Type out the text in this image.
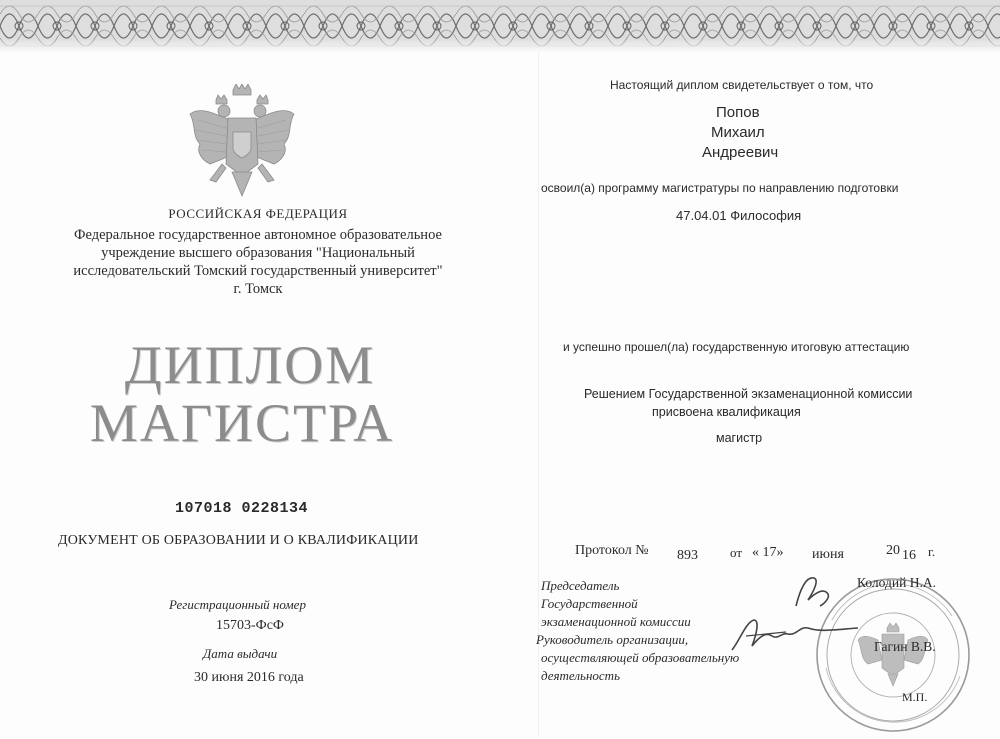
РОССИЙСКАЯ ФЕДЕРАЦИЯ
Федеральное государственное автономное образовательное
учреждение высшего образования "Национальный
исследовательский Томский государственный университет"
г. Томск
ДИПЛОМ
МАГИСТРА
107018 0228134
ДОКУМЕНТ ОБ ОБРАЗОВАНИИ И О КВАЛИФИКАЦИИ
Регистрационный номер
15703-ФсФ
Дата выдачи
30 июня 2016 года
Настоящий диплом свидетельствует о том, что
Попов
Михаил
Андреевич
освоил(а) программу магистратуры по направлению подготовки
47.04.01 Философия
и успешно прошел(ла) государственную итоговую аттестацию
Решением Государственной экзаменационной комиссии
присвоена квалификация
магистр
Протокол № 893 от « 17» июня	20 16 г.
Председатель
Государственной
экзаменационной комиссии
Руководитель организации,
осуществляющей образовательную
деятельность
Колодий Н.А.
Гагин В.В.
М.П.
